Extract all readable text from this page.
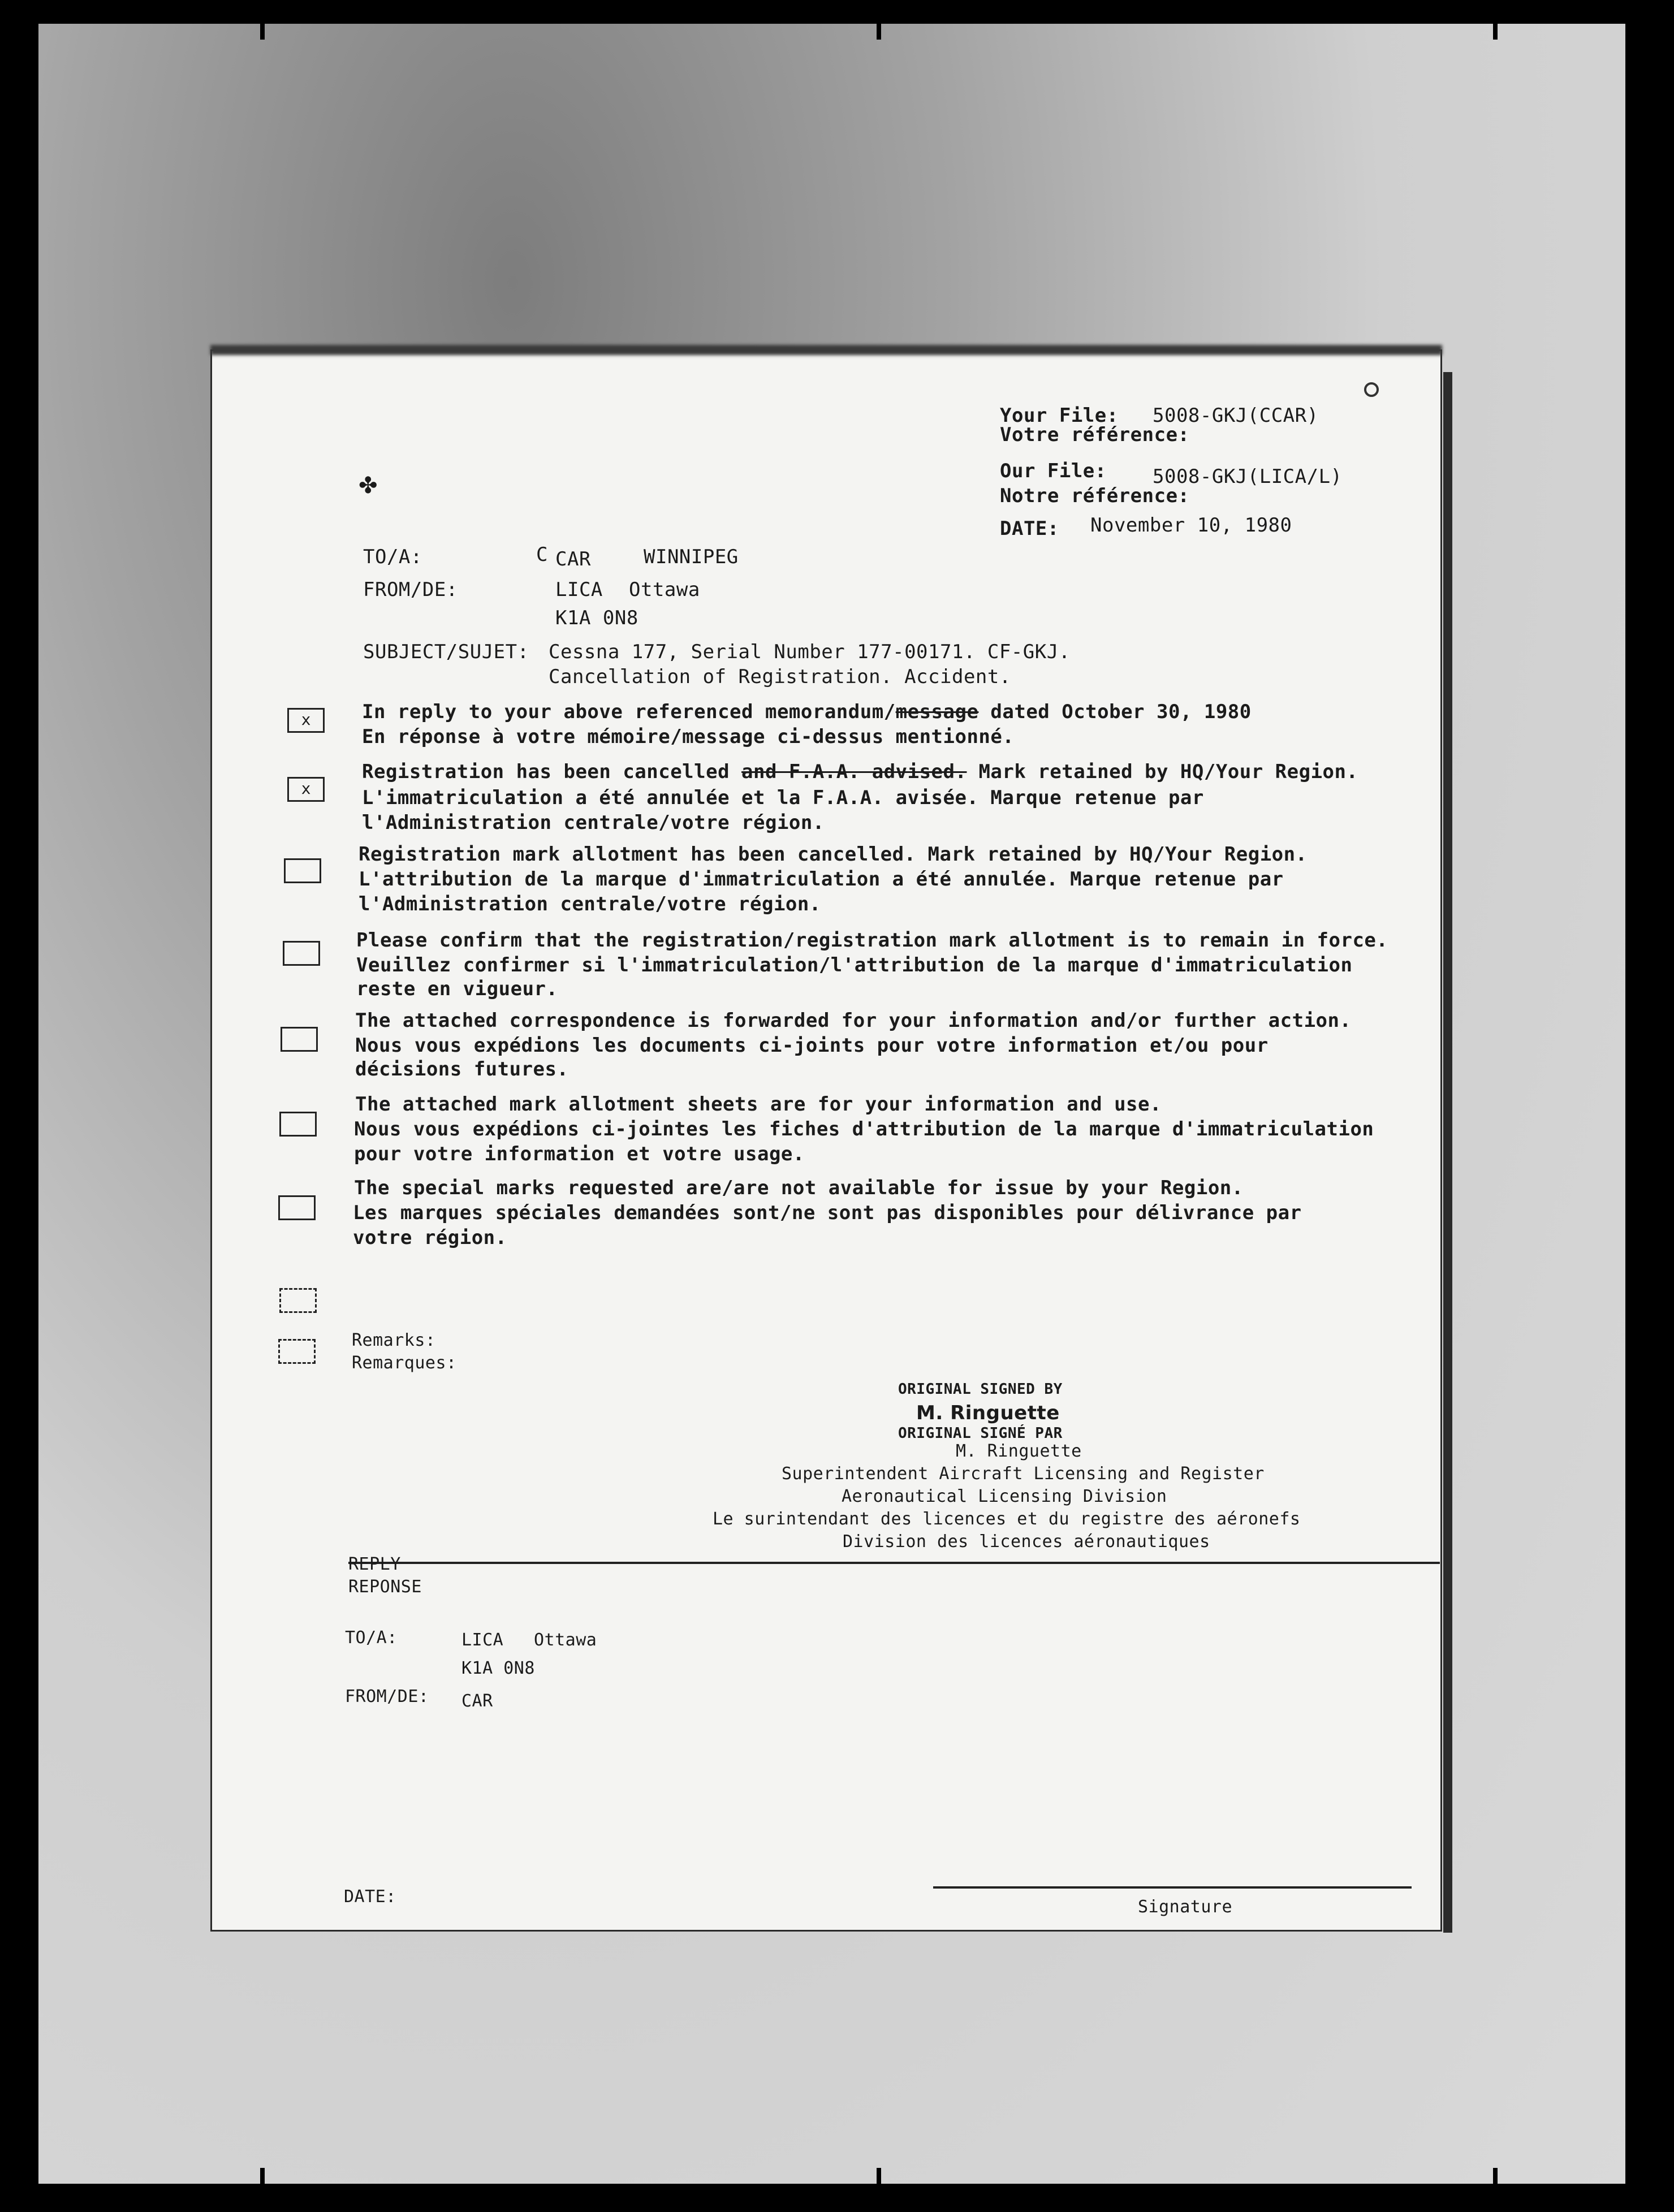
✤
Your File: 5008-GKJ(CCAR)
Votre référence:
Our File: 5008-GKJ(LICA/L)
Notre référence:
DATE: November 10, 1980
TO/A:	C CAR	WINNIPEG
FROM/DE:	LICA Ottawa
K1A 0N8
SUBJECT/SUJET: Cessna 177, Serial Number 177-00171. CF-GKJ.
Cancellation of Registration. Accident.
x	In reply to your above referenced memorandum/message dated October 30, 1980
En réponse à votre mémoire/message ci-dessus mentionné.
x
Registration has been cancelled and F.A.A. advised. Mark retained by HQ/Your Region.
L'immatriculation a été annulée et la F.A.A. avisée. Marque retenue par
l'Administration centrale/votre région.
Registration mark allotment has been cancelled. Mark retained by HQ/Your Region.
L'attribution de la marque d'immatriculation a été annulée. Marque retenue par
l'Administration centrale/votre région.
Please confirm that the registration/registration mark allotment is to remain in force.
Veuillez confirmer si l'immatriculation/l'attribution de la marque d'immatriculation
reste en vigueur.
The attached correspondence is forwarded for your information and/or further action.
Nous vous expédions les documents ci-joints pour votre information et/ou pour
décisions futures.
The attached mark allotment sheets are for your information and use.
Nous vous expédions ci-jointes les fiches d'attribution de la marque d'immatriculation
pour votre information et votre usage.
The special marks requested are/are not available for issue by your Region.
Les marques spéciales demandées sont/ne sont pas disponibles pour délivrance par
votre région.
Remarks:
Remarques:
ORIGINAL SIGNED BY
M. Ringuette
ORIGINAL SIGNÉ PAR
M. Ringuette
Superintendent Aircraft Licensing and Register
Aeronautical Licensing Division
Le surintendant des licences et du registre des aéronefs
Division des licences aéronautiques
REPLY
REPONSE
TO/A:	LICA Ottawa
K1A 0N8
FROM/DE: CAR
DATE:
Signature
